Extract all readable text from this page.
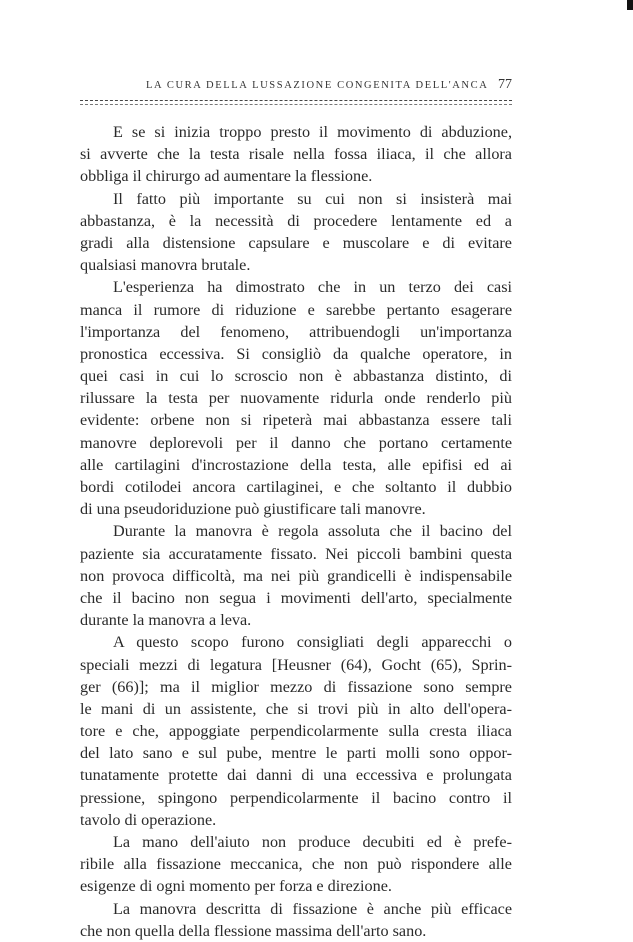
LA CURA DELLA LUSSAZIONE CONGENITA DELL'ANCA 77
E se si inizia troppo presto il movimento di abduzione,
si avverte che la testa risale nella fossa iliaca, il che allora
obbliga il chirurgo ad aumentare la flessione.
Il fatto più importante su cui non si insisterà mai
abbastanza, è la necessità di procedere lentamente ed a
gradi alla distensione capsulare e muscolare e di evitare
qualsiasi manovra brutale.
L'esperienza ha dimostrato che in un terzo dei casi
manca il rumore di riduzione e sarebbe pertanto esagerare
l'importanza del fenomeno, attribuendogli un'importanza
pronostica eccessiva. Si consigliò da qualche operatore, in
quei casi in cui lo scroscio non è abbastanza distinto, di
rilussare la testa per nuovamente ridurla onde renderlo più
evidente: orbene non si ripeterà mai abbastanza essere tali
manovre deplorevoli per il danno che portano certamente
alle cartilagini d'incrostazione della testa, alle epifisi ed ai
bordi cotilodei ancora cartilaginei, e che soltanto il dubbio
di una pseudoriduzione può giustificare tali manovre.
Durante la manovra è regola assoluta che il bacino del
paziente sia accuratamente fissato. Nei piccoli bambini questa
non provoca difficoltà, ma nei più grandicelli è indispensabile
che il bacino non segua i movimenti dell'arto, specialmente
durante la manovra a leva.
A questo scopo furono consigliati degli apparecchi o
speciali mezzi di legatura [Heusner (64), Gocht (65), Sprin-
ger (66)]; ma il miglior mezzo di fissazione sono sempre
le mani di un assistente, che si trovi più in alto dell'opera-
tore e che, appoggiate perpendicolarmente sulla cresta iliaca
del lato sano e sul pube, mentre le parti molli sono oppor-
tunatamente protette dai danni di una eccessiva e prolungata
pressione, spingono perpendicolarmente il bacino contro il
tavolo di operazione.
La mano dell'aiuto non produce decubiti ed è prefe-
ribile alla fissazione meccanica, che non può rispondere alle
esigenze di ogni momento per forza e direzione.
La manovra descritta di fissazione è anche più efficace
che non quella della flessione massima dell'arto sano.
